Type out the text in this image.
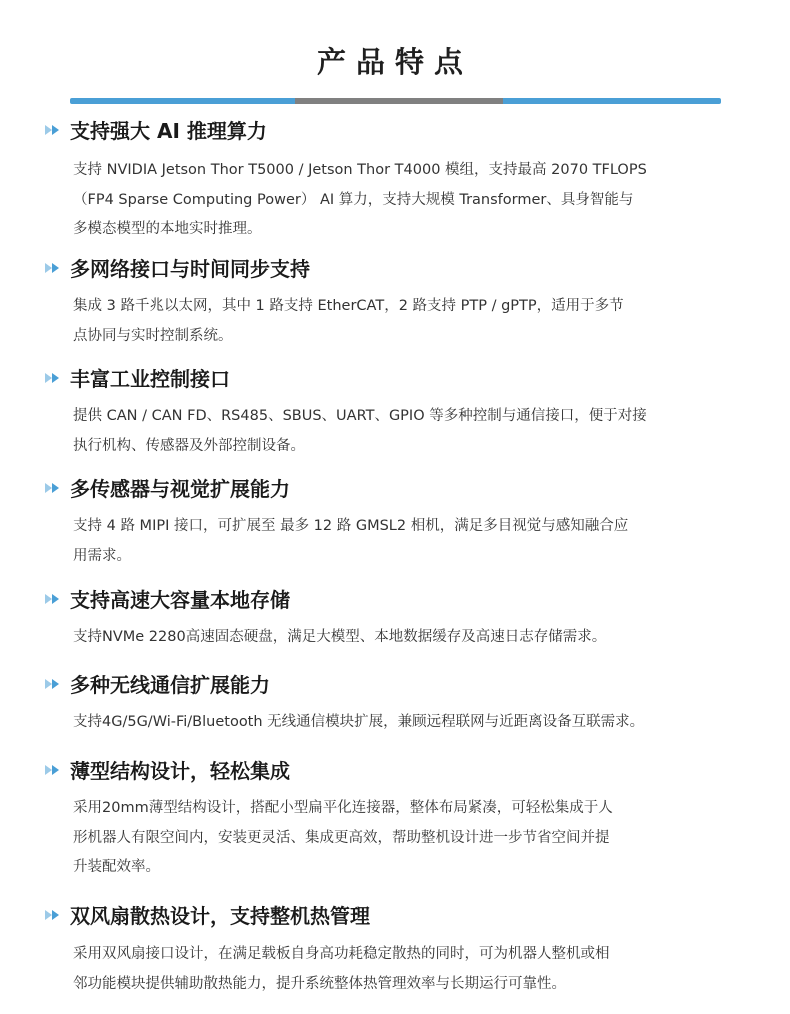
产品特点
支持强大 AI 推理算力
支持 NVIDIA Jetson Thor T5000 / Jetson Thor T4000 模组，支持最高 2070 TFLOPS
（FP4 Sparse Computing Power） AI 算力，支持大规模 Transformer、具身智能与
多模态模型的本地实时推理。
多网络接口与时间同步支持
集成 3 路千兆以太网，其中 1 路支持 EtherCAT，2 路支持 PTP / gPTP，适用于多节
点协同与实时控制系统。
丰富工业控制接口
提供 CAN / CAN FD、RS485、SBUS、UART、GPIO 等多种控制与通信接口，便于对接
执行机构、传感器及外部控制设备。
多传感器与视觉扩展能力
支持 4 路 MIPI 接口，可扩展至 最多 12 路 GMSL2 相机，满足多目视觉与感知融合应
用需求。
支持高速大容量本地存储
支持NVMe 2280高速固态硬盘，满足大模型、本地数据缓存及高速日志存储需求。
多种无线通信扩展能力
支持4G/5G/Wi-Fi/Bluetooth 无线通信模块扩展，兼顾远程联网与近距离设备互联需求。
薄型结构设计，轻松集成
采用20mm薄型结构设计，搭配小型扁平化连接器，整体布局紧凑，可轻松集成于人
形机器人有限空间内，安装更灵活、集成更高效，帮助整机设计进一步节省空间并提
升装配效率。
双风扇散热设计，支持整机热管理
采用双风扇接口设计，在满足载板自身高功耗稳定散热的同时，可为机器人整机或相
邻功能模块提供辅助散热能力，提升系统整体热管理效率与长期运行可靠性。
